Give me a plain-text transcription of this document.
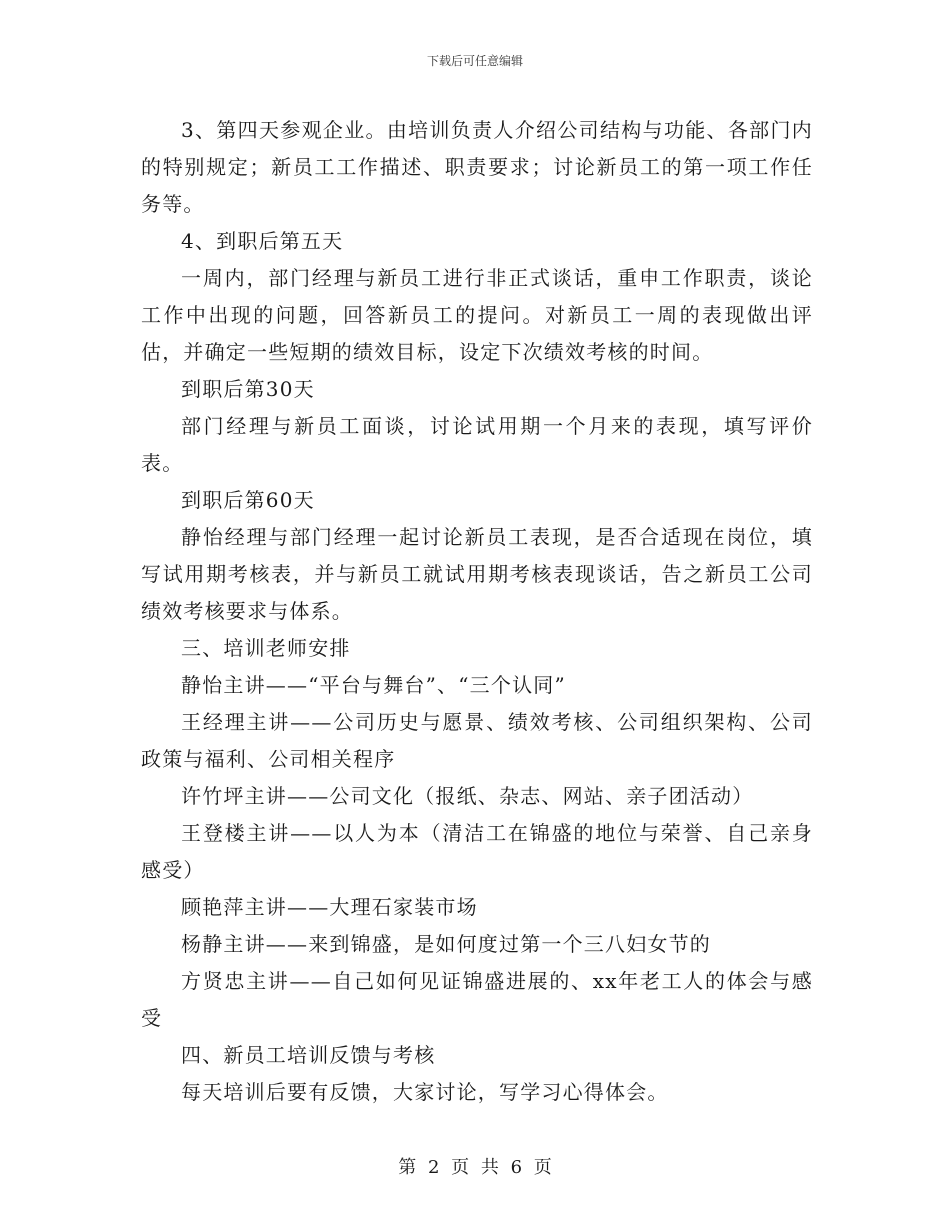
下载后可任意编辑

3、第四天参观企业。由培训负责人介绍公司结构与功能、各部门内的特别规定；新员工工作描述、职责要求；讨论新员工的第一项工作任务等。

4、到职后第五天

一周内，部门经理与新员工进行非正式谈话，重申工作职责，谈论工作中出现的问题，回答新员工的提问。对新员工一周的表现做出评估，并确定一些短期的绩效目标，设定下次绩效考核的时间。

到职后第30天

部门经理与新员工面谈，讨论试用期一个月来的表现，填写评价表。

到职后第60天

静怡经理与部门经理一起讨论新员工表现，是否合适现在岗位，填写试用期考核表，并与新员工就试用期考核表现谈话，告之新员工公司绩效考核要求与体系。

三、培训老师安排

静怡主讲——“平台与舞台”、“三个认同”

王经理主讲——公司历史与愿景、绩效考核、公司组织架构、公司政策与福利、公司相关程序

许竹坪主讲——公司文化（报纸、杂志、网站、亲子团活动）

王登楼主讲——以人为本（清洁工在锦盛的地位与荣誉、自己亲身感受）

顾艳萍主讲——大理石家装市场

杨静主讲——来到锦盛，是如何度过第一个三八妇女节的

方贤忠主讲——自己如何见证锦盛进展的、xx年老工人的体会与感受

四、新员工培训反馈与考核

每天培训后要有反馈，大家讨论，写学习心得体会。

第 2 页 共 6 页
